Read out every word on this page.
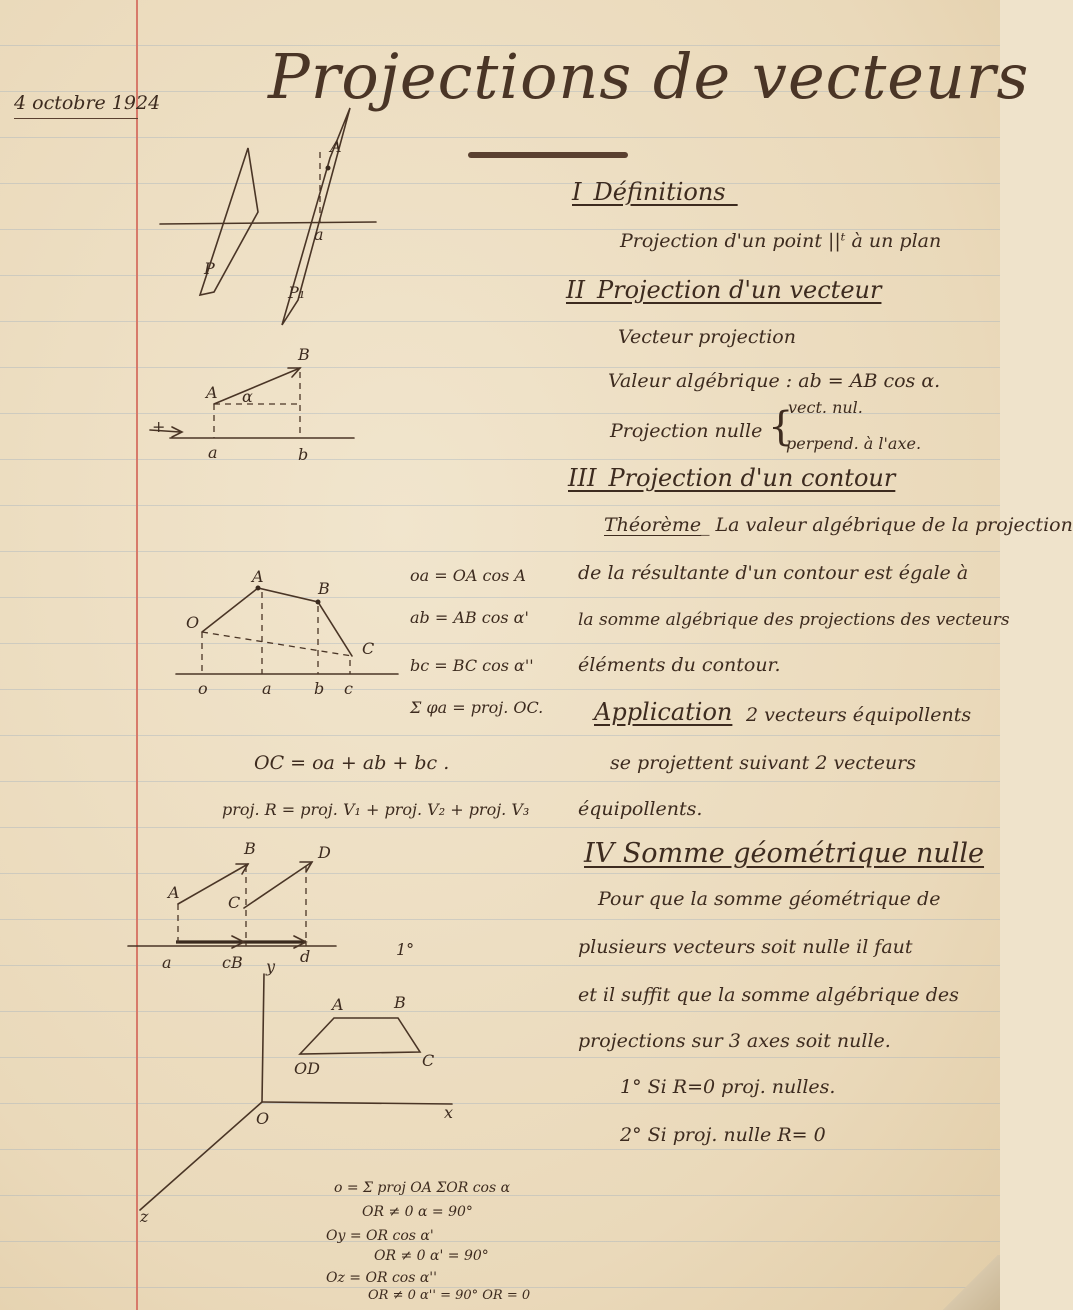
4 octobre 1924 Projections de vecteurs
I_Définitions_
Projection d'un point ||ᵗ à un plan
II_Projection d'un vecteur
Vecteur projection
Valeur algébrique : ab = AB cos α.
Projection nulle {
vect. nul.
perpend. à l'axe.
III_Projection d'un contour
Théorème
_ La valeur algébrique de la projection
de la résultante d'un contour est égale à
la somme algébrique des projections des vecteurs
éléments du contour.
Application 2 vecteurs équipollents
se projettent suivant 2 vecteurs
équipollents.
IV Somme géométrique nulle
Pour que la somme géométrique de
plusieurs vecteurs soit nulle il faut
et il suffit que la somme algébrique des
projections sur 3 axes soit nulle.
1° Si R=0 proj. nulles.
2° Si proj. nulle R= 0
oa = OA cos A
ab = AB cos α'
bc = BC cos α''
Σ φa = proj. OC.
OC = oa + ab + bc .
proj. R = proj. V₁ + proj. V₂ + proj. V₃
1°
o = Σ proj OA ΣOR cos α
OR ≠ 0 α = 90°
Oy = OR cos α'
OR ≠ 0 α' = 90°
Oz = OR cos α''
OR ≠ 0 α'' = 90° OR = 0
A
a
P
P₁
A
B
a	b
α
+
O
A
B
C
o	a	b c
A
B
C
D
a	cB	d
y
O	x
z
A	B
C
OD
